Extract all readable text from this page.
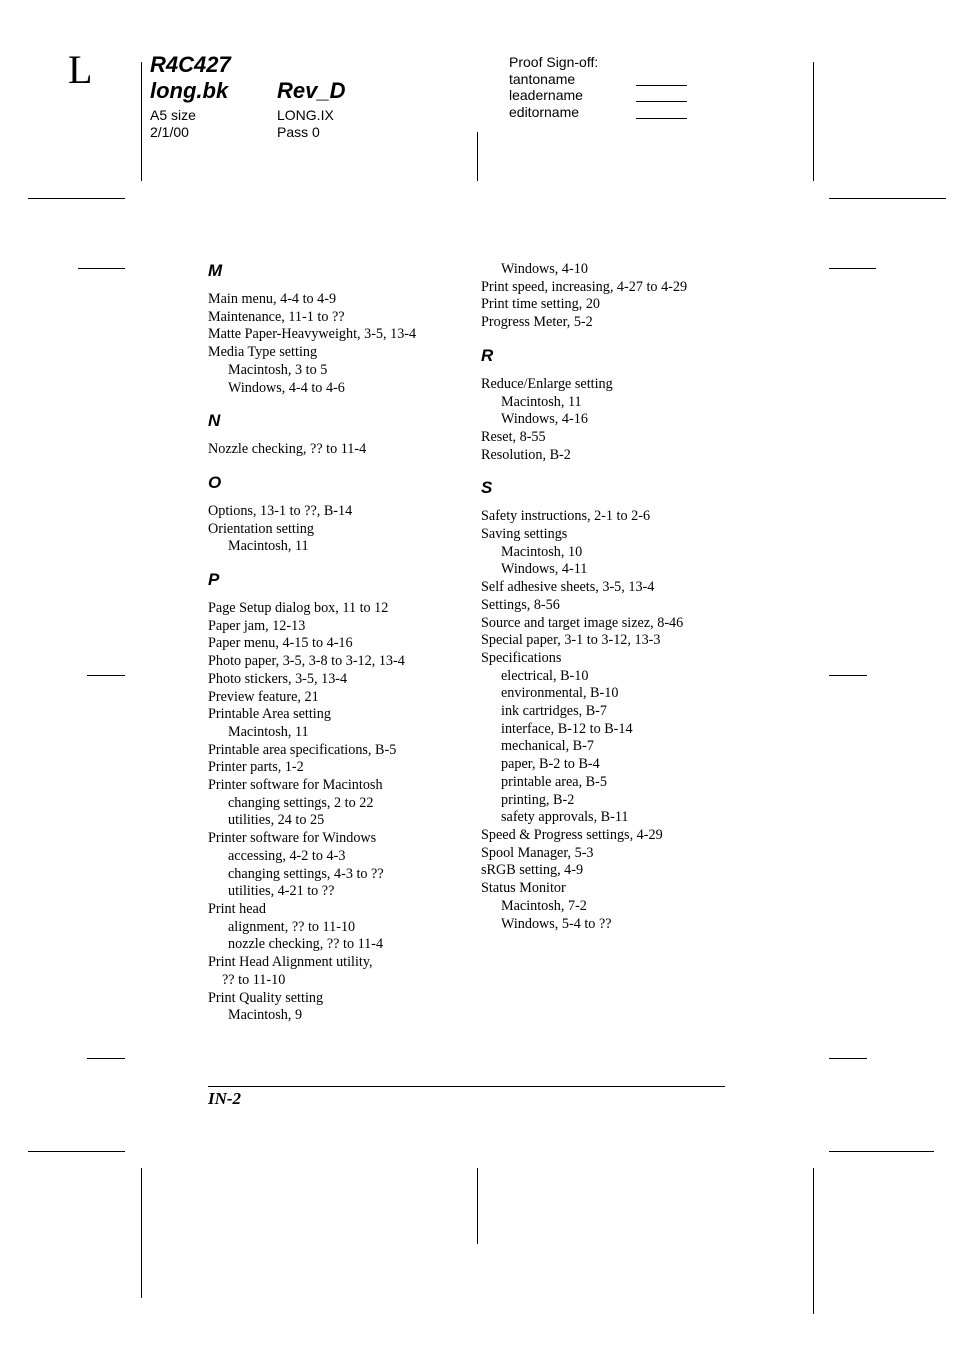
L	R4C427
long.bk Rev_D
A5 size
2/1/00
LONG.IX
Pass 0
Proof Sign-off:
tantoname
leadername
editorname
M
Main menu, 4-4 to 4-9
Maintenance, 11-1 to ??
Matte Paper-Heavyweight, 3-5, 13-4
Media Type setting
Macintosh, 3 to 5
Windows, 4-4 to 4-6
N
Nozzle checking, ?? to 11-4
O
Options, 13-1 to ??, B-14
Orientation setting
Macintosh, 11
P
Page Setup dialog box, 11 to 12
Paper jam, 12-13
Paper menu, 4-15 to 4-16
Photo paper, 3-5, 3-8 to 3-12, 13-4
Photo stickers, 3-5, 13-4
Preview feature, 21
Printable Area setting
Macintosh, 11
Printable area specifications, B-5
Printer parts, 1-2
Printer software for Macintosh
changing settings, 2 to 22
utilities, 24 to 25
Printer software for Windows
accessing, 4-2 to 4-3
changing settings, 4-3 to ??
utilities, 4-21 to ??
Print head
alignment, ?? to 11-10
nozzle checking, ?? to 11-4
Print Head Alignment utility,
?? to 11-10
Print Quality setting
Macintosh, 9
Windows, 4-10
Print speed, increasing, 4-27 to 4-29
Print time setting, 20
Progress Meter, 5-2
R
Reduce/Enlarge setting
Macintosh, 11
Windows, 4-16
Reset, 8-55
Resolution, B-2
S
Safety instructions, 2-1 to 2-6
Saving settings
Macintosh, 10
Windows, 4-11
Self adhesive sheets, 3-5, 13-4
Settings, 8-56
Source and target image sizez, 8-46
Special paper, 3-1 to 3-12, 13-3
Specifications
electrical, B-10
environmental, B-10
ink cartridges, B-7
interface, B-12 to B-14
mechanical, B-7
paper, B-2 to B-4
printable area, B-5
printing, B-2
safety approvals, B-11
Speed & Progress settings, 4-29
Spool Manager, 5-3
sRGB setting, 4-9
Status Monitor
Macintosh, 7-2
Windows, 5-4 to ??
IN-2
